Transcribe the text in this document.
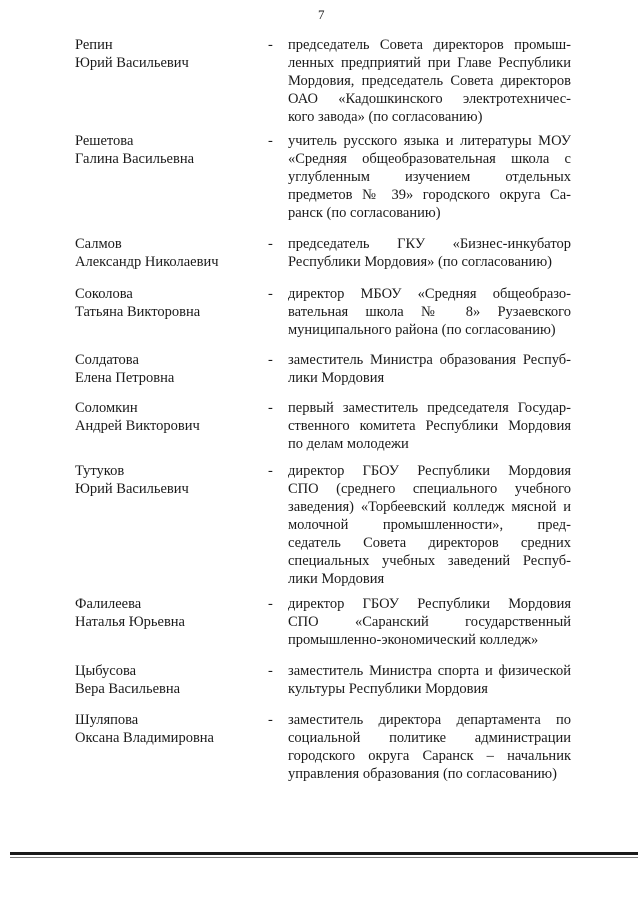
7
Репин
Юрий Васильевич
- председатель Совета директоров промыш-
ленных предприятий при Главе Республики
Мордовия, председатель Совета директоров
ОАО «Кадошкинского электротехничес-
кого завода» (по согласованию)
Решетова
Галина Васильевна
- учитель русского языка и литературы МОУ
«Средняя общеобразовательная школа с
углубленным изучением отдельных
предметов № 39» городского округа Са-
ранск (по согласованию)
Салмов
Александр Николаевич
- председатель ГКУ «Бизнес-инкубатор
Республики Мордовия» (по согласованию)
Соколова
Татьяна Викторовна
- директор МБОУ «Средняя общеобразо-
вательная школа № 8» Рузаевского
муниципального района (по согласованию)
Солдатова
Елена Петровна
- заместитель Министра образования Респуб-
лики Мордовия
Соломкин
Андрей Викторович
- первый заместитель председателя Государ-
ственного комитета Республики Мордовия
по делам молодежи
Тутуков
Юрий Васильевич
- директор ГБОУ Республики Мордовия
СПО (среднего специального учебного
заведения) «Торбеевский колледж мясной и
молочной промышленности», пред-
седатель Совета директоров средних
специальных учебных заведений Респуб-
лики Мордовия
Фалилеева
Наталья Юрьевна
- директор ГБОУ Республики Мордовия
СПО «Саранский государственный
промышленно-экономический колледж»
Цыбусова
Вера Васильевна
- заместитель Министра спорта и физической
культуры Республики Мордовия
Шуляпова
Оксана Владимировна
- заместитель директора департамента по
социальной политике администрации
городского округа Саранск – начальник
управления образования (по согласованию)
